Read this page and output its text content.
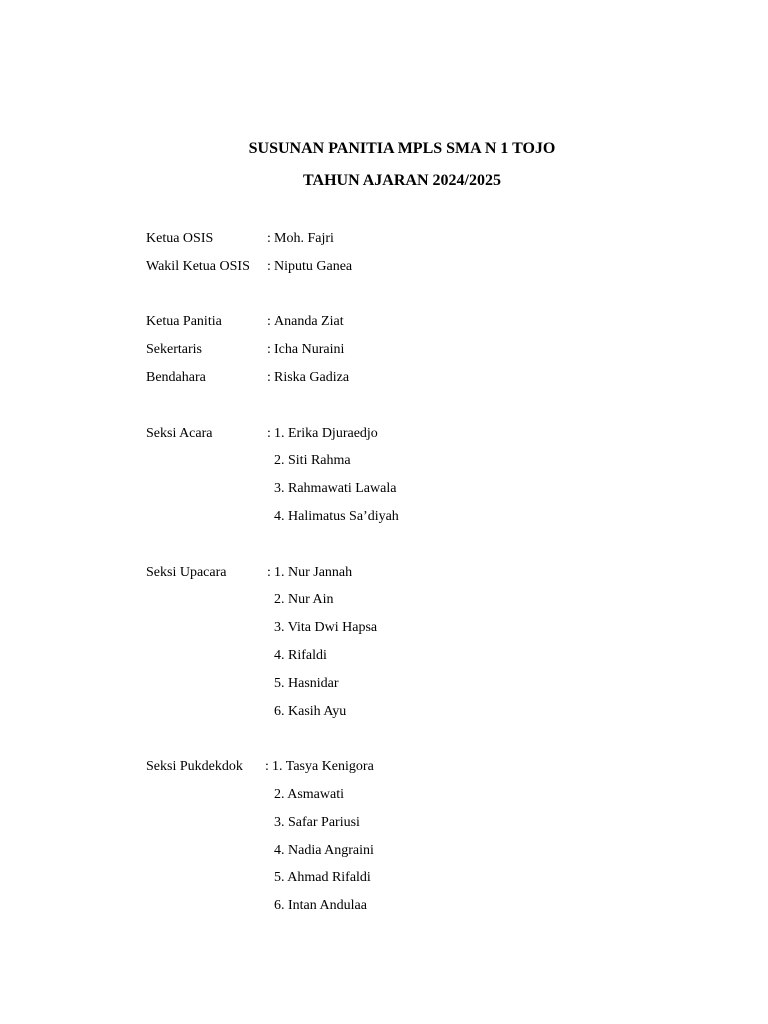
SUSUNAN PANITIA MPLS SMA N 1 TOJO
TAHUN AJARAN 2024/2025
Ketua OSIS	: Moh. Fajri
Wakil Ketua OSIS : Niputu Ganea
Ketua Panitia	: Ananda Ziat
Sekertaris	: Icha Nuraini
Bendahara	: Riska Gadiza
Seksi Acara	: 1. Erika Djuraedjo
2. Siti Rahma
3. Rahmawati Lawala
4. Halimatus Sa’diyah
Seksi Upacara	: 1. Nur Jannah
2. Nur Ain
3. Vita Dwi Hapsa
4. Rifaldi
5. Hasnidar
6. Kasih Ayu
Seksi Pukdekdok : 1. Tasya Kenigora
2. Asmawati
3. Safar Pariusi
4. Nadia Angraini
5. Ahmad Rifaldi
6. Intan Andulaa
